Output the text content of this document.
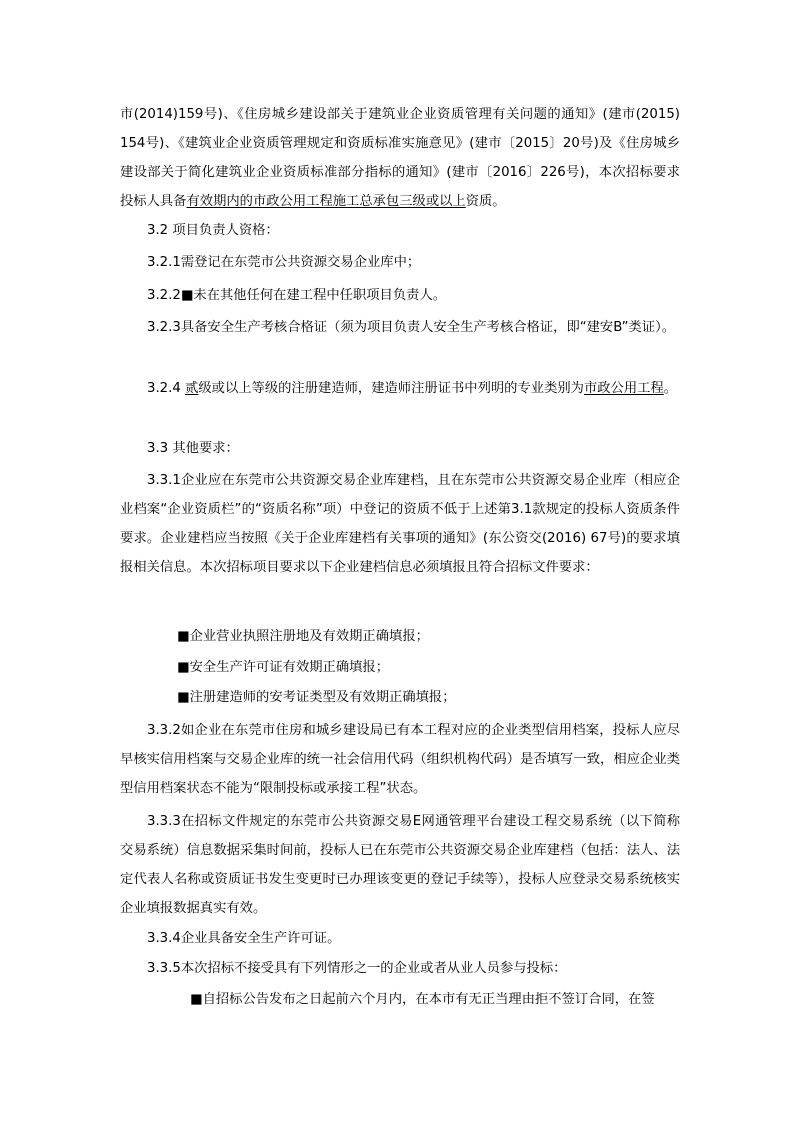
市(2014)159号)、《住房城乡建设部关于建筑业企业资质管理有关问题的通知》(建市(2015) 154号)、《建筑业企业资质管理规定和资质标准实施意见》(建市〔2015〕20号)及《住房城乡建设部关于简化建筑业企业资质标准部分指标的通知》(建市〔2016〕226号)，本次招标要求投标人具备有效期内的市政公用工程施工总承包三级或以上资质。

3.2 项目负责人资格：

3.2.1需登记在东莞市公共资源交易企业库中；

3.2.2■未在其他任何在建工程中任职项目负责人。

3.2.3具备安全生产考核合格证（须为项目负责人安全生产考核合格证，即“建安B”类证）。

3.2.4 贰级或以上等级的注册建造师，建造师注册证书中列明的专业类别为市政公用工程。

3.3 其他要求：

3.3.1企业应在东莞市公共资源交易企业库建档，且在东莞市公共资源交易企业库（相应企业档案“企业资质栏”的“资质名称”项）中登记的资质不低于上述第3.1款规定的投标人资质条件要求。企业建档应当按照《关于企业库建档有关事项的通知》(东公资交(2016) 67号)的要求填报相关信息。本次招标项目要求以下企业建档信息必须填报且符合招标文件要求：

■企业营业执照注册地及有效期正确填报；

■安全生产许可证有效期正确填报；

■注册建造师的安考证类型及有效期正确填报；

3.3.2如企业在东莞市住房和城乡建设局已有本工程对应的企业类型信用档案，投标人应尽早核实信用档案与交易企业库的统一社会信用代码（组织机构代码）是否填写一致，相应企业类型信用档案状态不能为“限制投标或承接工程”状态。

3.3.3在招标文件规定的东莞市公共资源交易E网通管理平台建设工程交易系统（以下简称交易系统）信息数据采集时间前，投标人已在东莞市公共资源交易企业库建档（包括：法人、法定代表人名称或资质证书发生变更时已办理该变更的登记手续等），投标人应登录交易系统核实企业填报数据真实有效。

3.3.4企业具备安全生产许可证。

3.3.5本次招标不接受具有下列情形之一的企业或者从业人员参与投标：

■自招标公告发布之日起前六个月内，在本市有无正当理由拒不签订合同，在签
